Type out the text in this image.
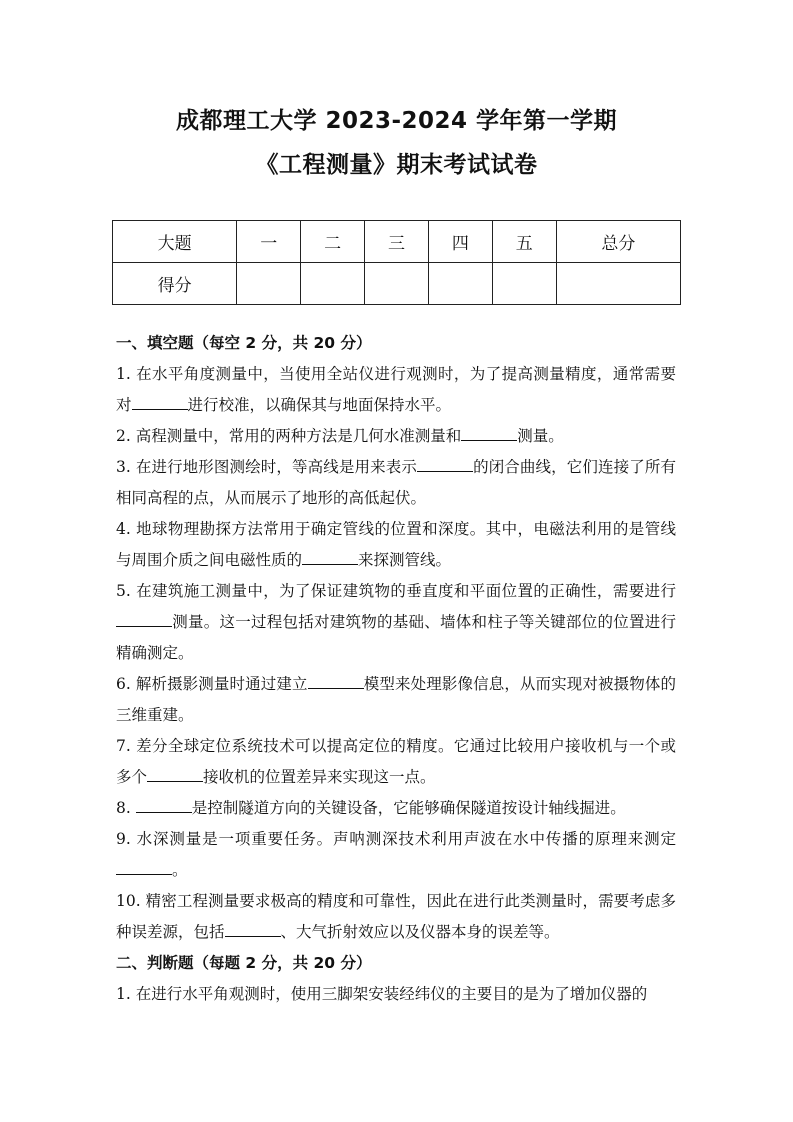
成都理工大学 2023-2024 学年第一学期
《工程测量》期末考试试卷
大题	一	二	三	四	五	总分
得分						
一、填空题（每空 2 分，共 20 分）
1. 在水平角度测量中，当使用全站仪进行观测时，为了提高测量精度，通常需要对	进行校准，以确保其与地面保持水平。
2. 高程测量中，常用的两种方法是几何水准测量和	测量。
3. 在进行地形图测绘时，等高线是用来表示	的闭合曲线，它们连接了所有相同高程的点，从而展示了地形的高低起伏。
4. 地球物理勘探方法常用于确定管线的位置和深度。其中，电磁法利用的是管线与周围介质之间电磁性质的	来探测管线。
5. 在建筑施工测量中，为了保证建筑物的垂直度和平面位置的正确性，需要进行测量。这一过程包括对建筑物的基础、墙体和柱子等关键部位的位置进行精确测定。
6. 解析摄影测量时通过建立	模型来处理影像信息，从而实现对被摄物体的三维重建。
7. 差分全球定位系统技术可以提高定位的精度。它通过比较用户接收机与一个或多个	接收机的位置差异来实现这一点。
8.	是控制隧道方向的关键设备，它能够确保隧道按设计轴线掘进。
9. 水深测量是一项重要任务。声呐测深技术利用声波在水中传播的原理来测定。
10. 精密工程测量要求极高的精度和可靠性，因此在进行此类测量时，需要考虑多种误差源，包括	、大气折射效应以及仪器本身的误差等。
二、判断题（每题 2 分，共 20 分）
1. 在进行水平角观测时，使用三脚架安装经纬仪的主要目的是为了增加仪器的
